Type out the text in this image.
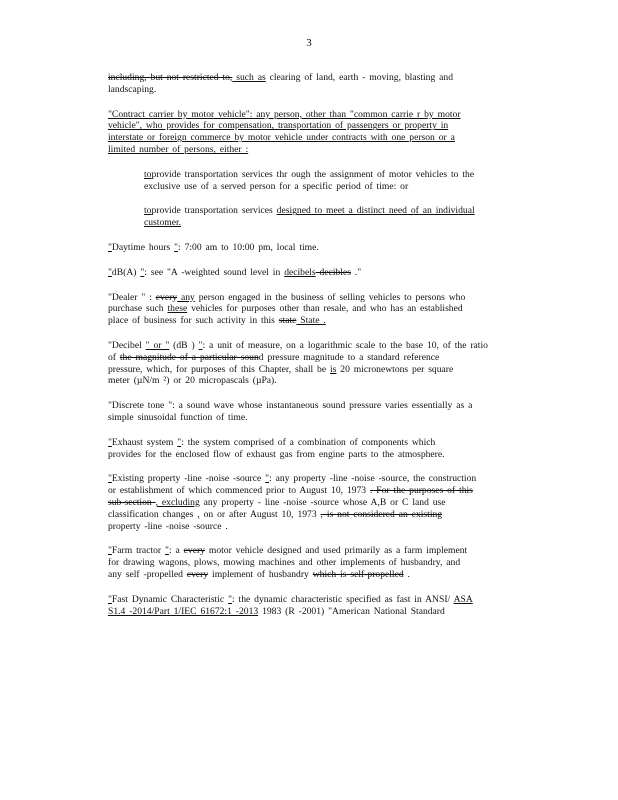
3
including, but not restricted to, such as clearing of land, earth - moving, blasting and
landscaping.
"Contract carrier by motor vehicle": any person, other than "common carrie r by motor
vehicle", who provides for compensation, transportation of passengers or property in
interstate or foreign commerce by motor vehicle under contracts with one person or a
limited number of persons, either :
toprovide transportation services thr ough the assignment of motor vehicles to the
exclusive use of a served person for a specific period of time: or
toprovide transportation services designed to meet a distinct need of an individual
customer.
"Daytime hours ": 7:00 am to 10:00 pm, local time.
"dB(A) ": see "A -weighted sound level in decibels decibles ."
"Dealer " : every any person engaged in the business of selling vehicles to persons who
purchase such these vehicles for purposes other than resale, and who has an established
place of business for such activity in this state State .
"Decibel " or " (dB ) ": a unit of measure, on a logarithmic scale to the base 10, of the ratio
of the magnitude of a particular sound pressure magnitude to a standard reference
pressure, which, for purposes of this Chapter, shall be is 20 micronewtons per square
meter (µN/m ²) or 20 micropascals (µPa).
"Discrete tone ": a sound wave whose instantaneous sound pressure varies essentially as a
simple sinusoidal function of time.
"Exhaust system ": the system comprised of a combination of components which
provides for the enclosed flow of exhaust gas from engine parts to the atmosphere.
"Existing property -line -noise -source ": any property -line -noise -source, the construction
or establishment of which commenced prior to August 10, 1973 . For the purposes of this
sub-section , excluding any property - line -noise -source whose A,B or C land use
classification changes , on or after August 10, 1973 , is not considered an existing
property -line -noise -source .
"Farm tractor ": a every motor vehicle designed and used primarily as a farm implement
for drawing wagons, plows, mowing machines and other implements of husbandry, and
any self -propelled every implement of husbandry which is self-propelled .
"Fast Dynamic Characteristic ": the dynamic characteristic specified as fast in ANSI/ ASA
S1.4 -2014/Part 1/IEC 61672:1 -2013 1983 (R -2001) "American National Standard
